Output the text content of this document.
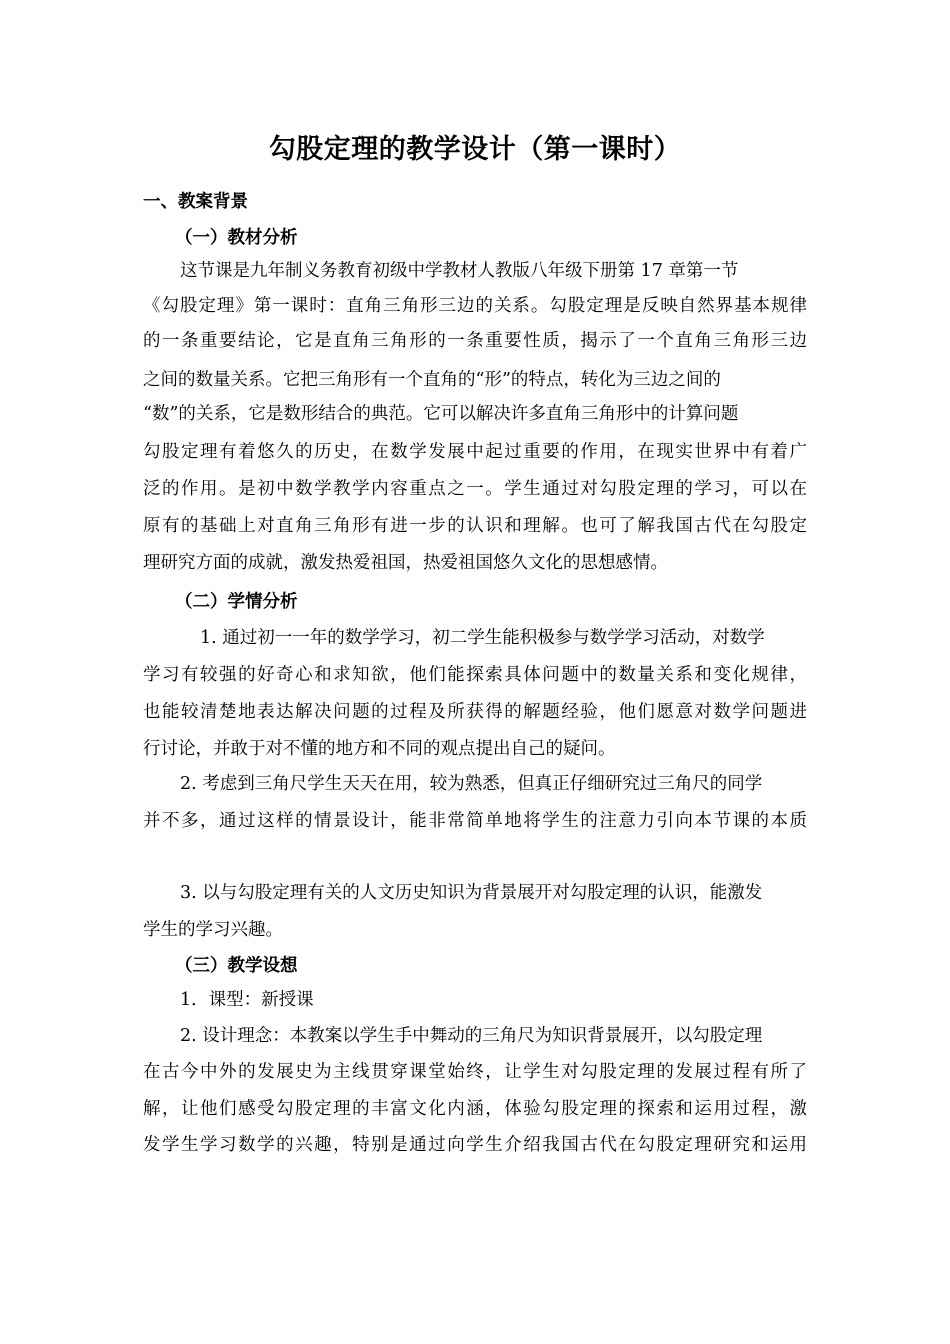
勾股定理的教学设计（第一课时）
一、教案背景
（一）教材分析
这节课是九年制义务教育初级中学教材人教版八年级下册第 17 章第一节
《勾股定理》第一课时：直角三角形三边的关系。勾股定理是反映自然界基本规律
的一条重要结论，它是直角三角形的一条重要性质，揭示了一个直角三角形三边
之间的数量关系。它把三角形有一个直角的“形”的特点，转化为三边之间的
“数”的关系，它是数形结合的典范。它可以解决许多直角三角形中的计算问题
勾股定理有着悠久的历史，在数学发展中起过重要的作用，在现实世界中有着广
泛的作用。是初中数学教学内容重点之一。学生通过对勾股定理的学习，可以在
原有的基础上对直角三角形有进一步的认识和理解。也可了解我国古代在勾股定
理研究方面的成就，激发热爱祖国，热爱祖国悠久文化的思想感情。
（二）学情分析
1. 通过初一一年的数学学习，初二学生能积极参与数学学习活动，对数学
学习有较强的好奇心和求知欲，他们能探索具体问题中的数量关系和变化规律，
也能较清楚地表达解决问题的过程及所获得的解题经验，他们愿意对数学问题进
行讨论，并敢于对不懂的地方和不同的观点提出自己的疑问。
2. 考虑到三角尺学生天天在用，较为熟悉，但真正仔细研究过三角尺的同学
并不多，通过这样的情景设计，能非常简单地将学生的注意力引向本节课的本质
3. 以与勾股定理有关的人文历史知识为背景展开对勾股定理的认识，能激发
学生的学习兴趣。
（三）教学设想
1．课型：新授课
2. 设计理念：本教案以学生手中舞动的三角尺为知识背景展开，以勾股定理
在古今中外的发展史为主线贯穿课堂始终，让学生对勾股定理的发展过程有所了
解，让他们感受勾股定理的丰富文化内涵，体验勾股定理的探索和运用过程，激
发学生学习数学的兴趣，特别是通过向学生介绍我国古代在勾股定理研究和运用
